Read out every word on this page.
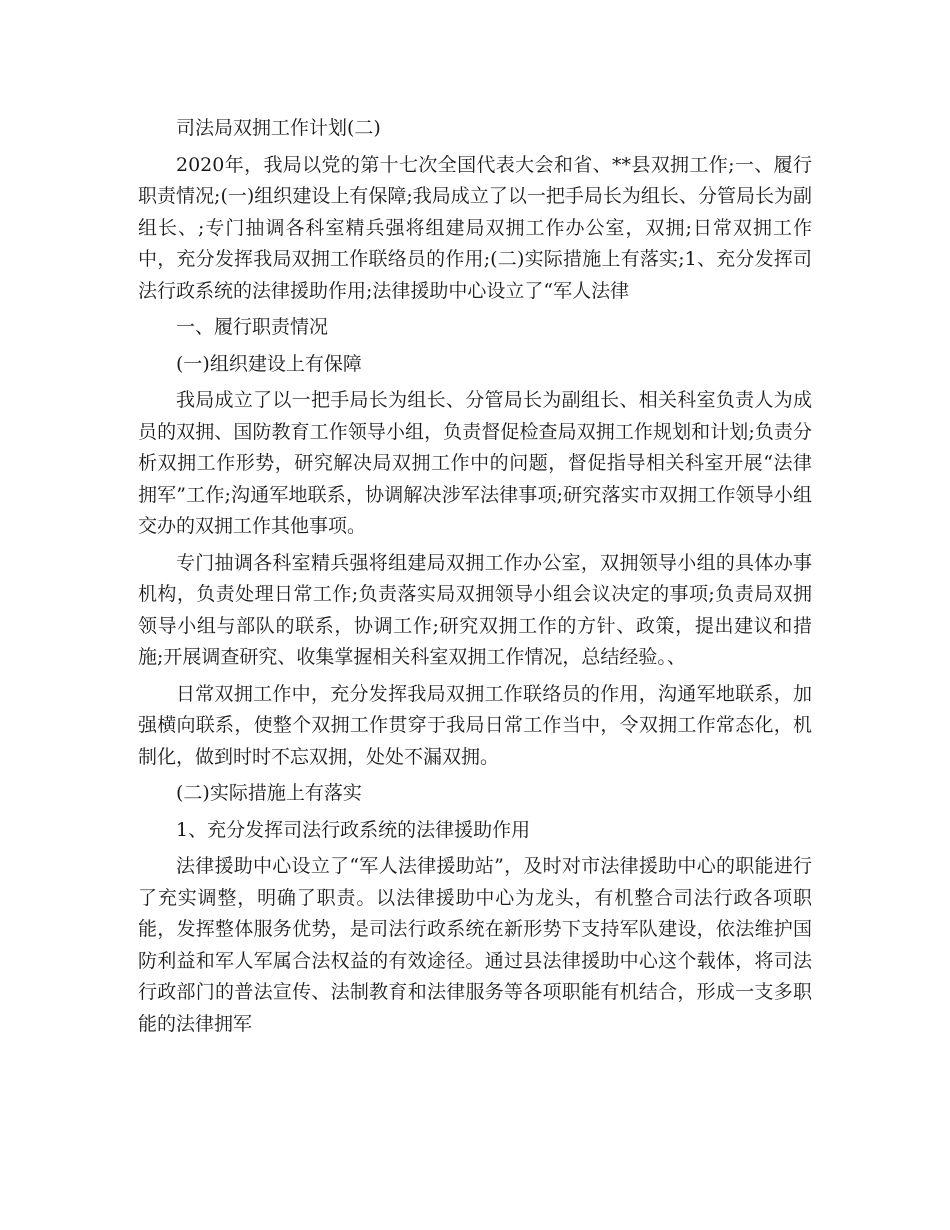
司法局双拥工作计划(二)

2020年，我局以党的第十七次全国代表大会和省、**县双拥工作;一、履行职责情况;(一)组织建设上有保障;我局成立了以一把手局长为组长、分管局长为副组长、;专门抽调各科室精兵强将组建局双拥工作办公室，双拥;日常双拥工作中，充分发挥我局双拥工作联络员的作用;(二)实际措施上有落实;1、充分发挥司法行政系统的法律援助作用;法律援助中心设立了“军人法律

一、履行职责情况

(一)组织建设上有保障

我局成立了以一把手局长为组长、分管局长为副组长、相关科室负责人为成员的双拥、国防教育工作领导小组，负责督促检查局双拥工作规划和计划;负责分析双拥工作形势，研究解决局双拥工作中的问题，督促指导相关科室开展“法律拥军”工作;沟通军地联系，协调解决涉军法律事项;研究落实市双拥工作领导小组交办的双拥工作其他事项。

专门抽调各科室精兵强将组建局双拥工作办公室，双拥领导小组的具体办事机构，负责处理日常工作;负责落实局双拥领导小组会议决定的事项;负责局双拥领导小组与部队的联系，协调工作;研究双拥工作的方针、政策，提出建议和措施;开展调查研究、收集掌握相关科室双拥工作情况，总结经验。、

日常双拥工作中，充分发挥我局双拥工作联络员的作用，沟通军地联系，加强横向联系，使整个双拥工作贯穿于我局日常工作当中，令双拥工作常态化，机制化，做到时时不忘双拥，处处不漏双拥。

(二)实际措施上有落实

1、充分发挥司法行政系统的法律援助作用

法律援助中心设立了“军人法律援助站”，及时对市法律援助中心的职能进行了充实调整，明确了职责。以法律援助中心为龙头，有机整合司法行政各项职能，发挥整体服务优势，是司法行政系统在新形势下支持军队建设，依法维护国防利益和军人军属合法权益的有效途径。通过县法律援助中心这个载体，将司法行政部门的普法宣传、法制教育和法律服务等各项职能有机结合，形成一支多职能的法律拥军
